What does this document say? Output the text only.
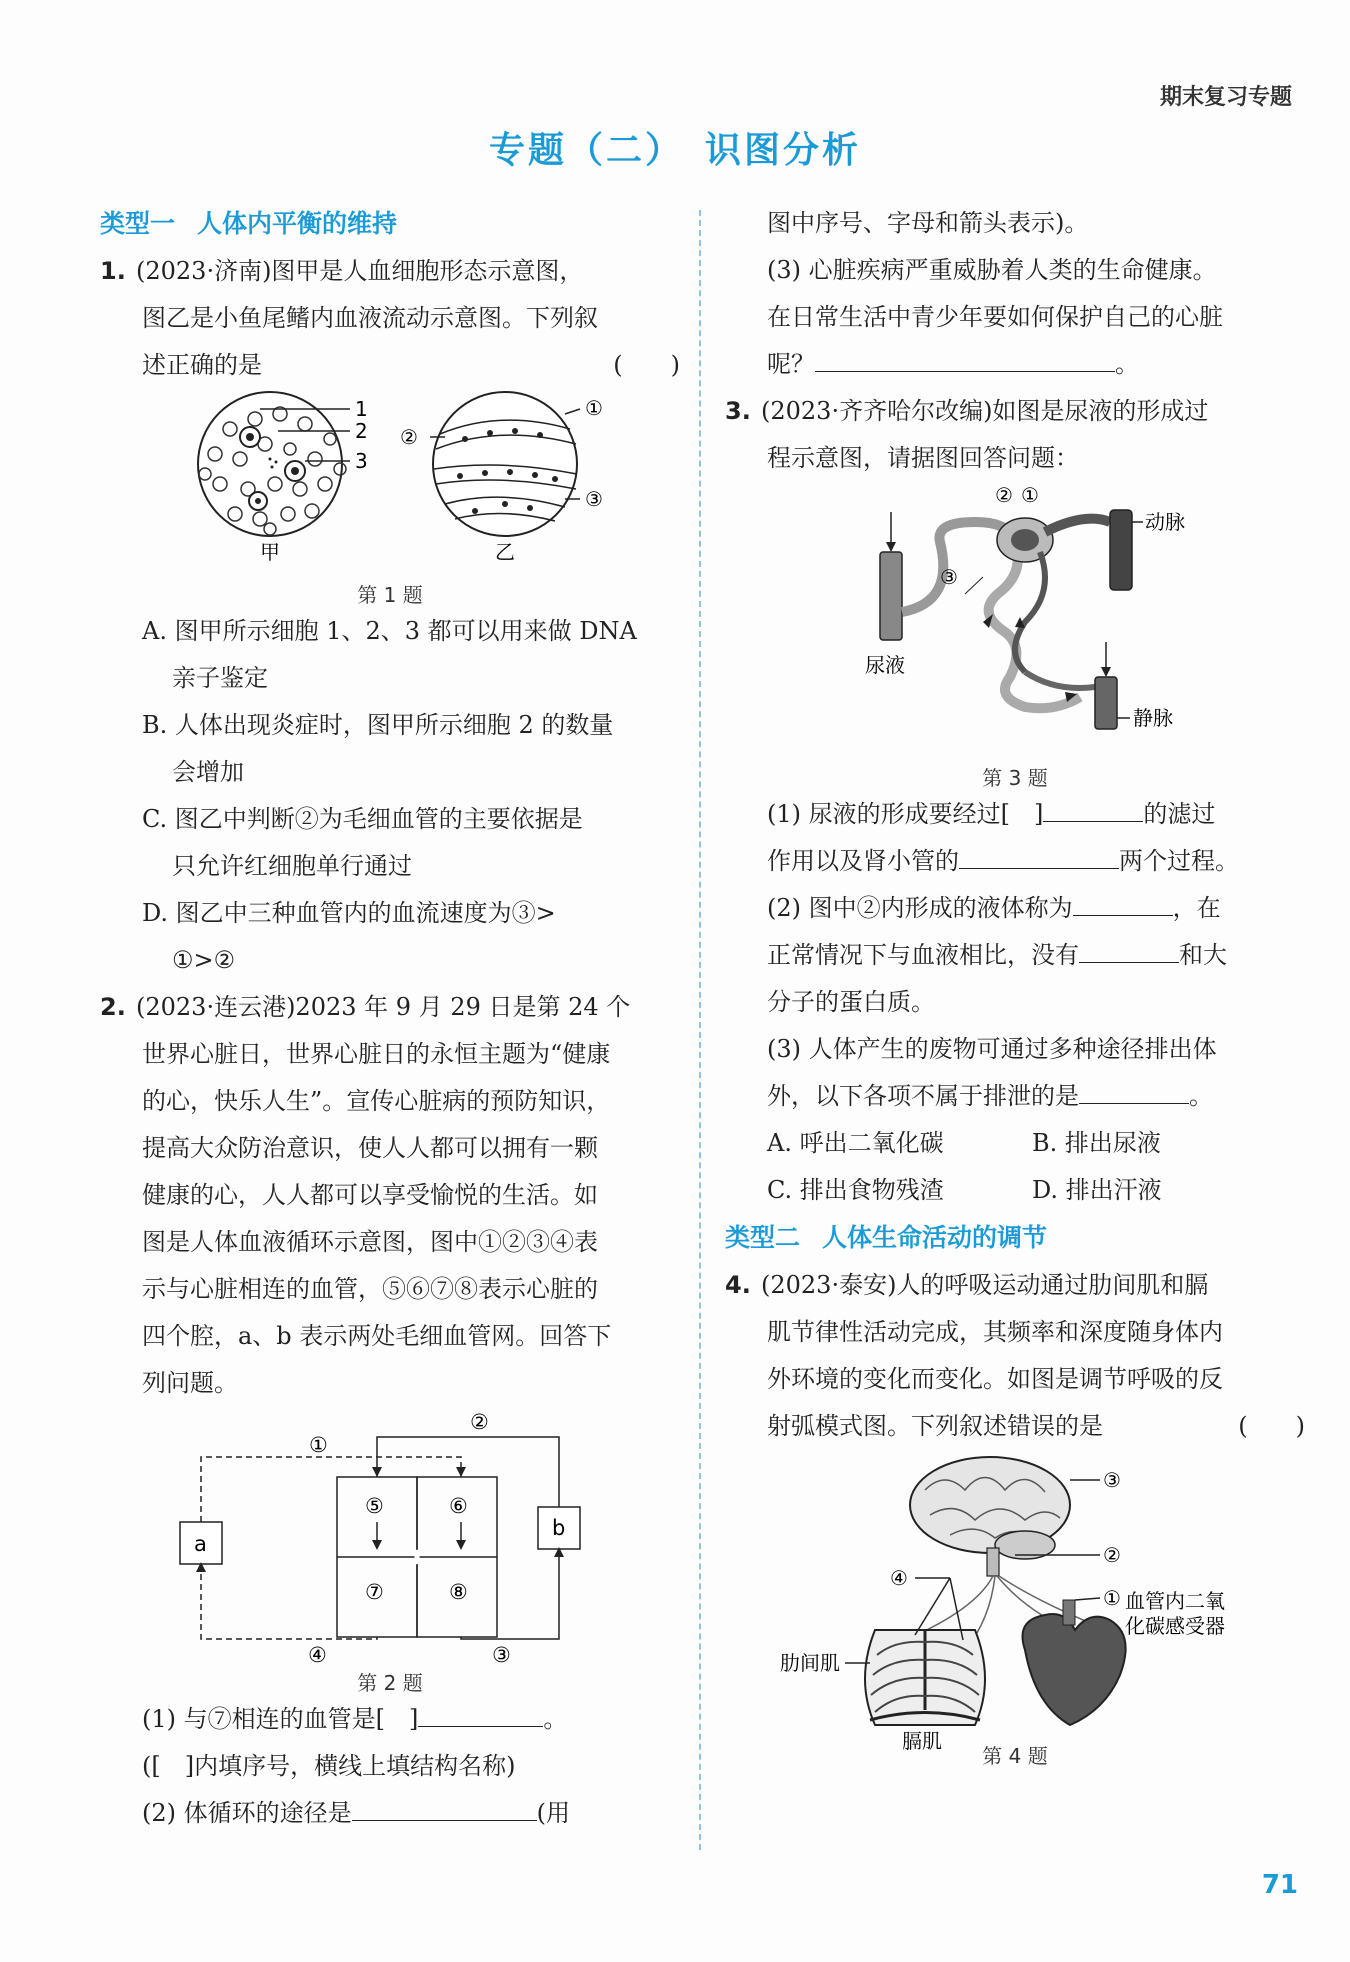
期末复习专题
专题（二）　识图分析
类型一 人体内平衡的维持
1. (2023·济南)图甲是人血细胞形态示意图，
图乙是小鱼尾鳍内血液流动示意图。下列叙
述正确的是	(　　)
1
2
3
甲
①
②
③
乙
第 1 题
A. 图甲所示细胞 1、2、3 都可以用来做 DNA
亲子鉴定
B. 人体出现炎症时，图甲所示细胞 2 的数量
会增加
C. 图乙中判断②为毛细血管的主要依据是
只允许红细胞单行通过
D. 图乙中三种血管内的血流速度为③>
①>②
2. (2023·连云港)2023 年 9 月 29 日是第 24 个
世界心脏日，世界心脏日的永恒主题为“健康
的心，快乐人生”。宣传心脏病的预防知识，
提高大众防治意识，使人人都可以拥有一颗
健康的心，人人都可以享受愉悦的生活。如
图是人体血液循环示意图，图中①②③④表
示与心脏相连的血管，⑤⑥⑦⑧表示心脏的
四个腔，a、b 表示两处毛细血管网。回答下
列问题。
②
①
⑤	⑥
⑦	⑧
a
b
④	③
第 2 题
(1) 与⑦相连的血管是[　]	。
([　]内填序号，横线上填结构名称)
(2) 体循环的途径是	(用
图中序号、字母和箭头表示)。
(3) 心脏疾病严重威胁着人类的生命健康。
在日常生活中青少年要如何保护自己的心脏
呢？	。
3. (2023·齐齐哈尔改编)如图是尿液的形成过
程示意图，请据图回答问题：
② ①
动脉
③
尿液
静脉
第 3 题
(1) 尿液的形成要经过[　]	的滤过
作用以及肾小管的	两个过程。
(2) 图中②内形成的液体称为	，在
正常情况下与血液相比，没有	和大
分子的蛋白质。
(3) 人体产生的废物可通过多种途径排出体
外，以下各项不属于排泄的是	。
A. 呼出二氧化碳	B. 排出尿液
C. 排出食物残渣	D. 排出汗液
类型二 人体生命活动的调节
4. (2023·泰安)人的呼吸运动通过肋间肌和膈
肌节律性活动完成，其频率和深度随身体内
外环境的变化而变化。如图是调节呼吸的反
射弧模式图。下列叙述错误的是	(　　)
③
②
④
① 血管内二氧
化碳感受器
肋间肌
膈肌
第 4 题
71
